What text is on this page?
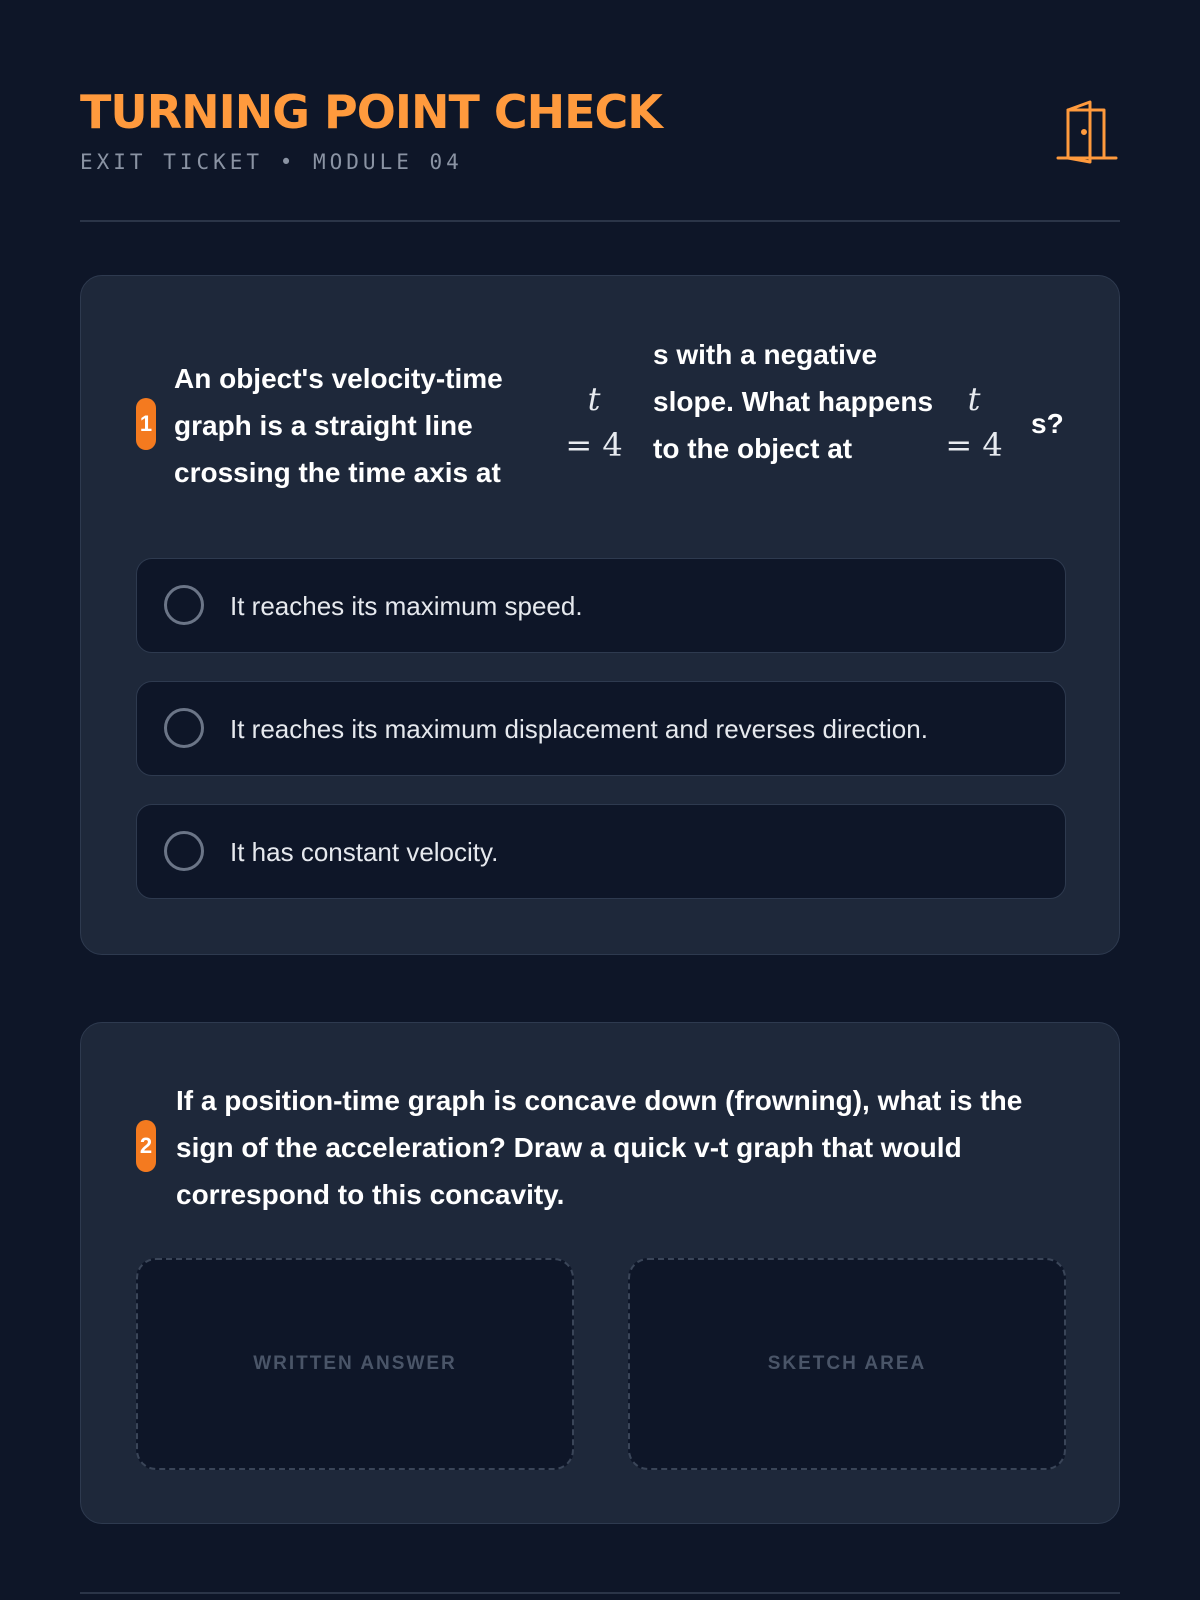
TURNING POINT CHECK
EXIT TICKET • MODULE 04
1
An object's velocity-time graph is a straight line crossing the time axis at
t
= 4
s with a negative slope. What happens to the object at
t
= 4
s?
It reaches its maximum speed.
It reaches its maximum displacement and reverses direction.
It has constant velocity.
2
If a position-time graph is concave down (frowning), what is the sign of the acceleration? Draw a quick v-t graph that would correspond to this concavity.
WRITTEN ANSWER	SKETCH AREA
